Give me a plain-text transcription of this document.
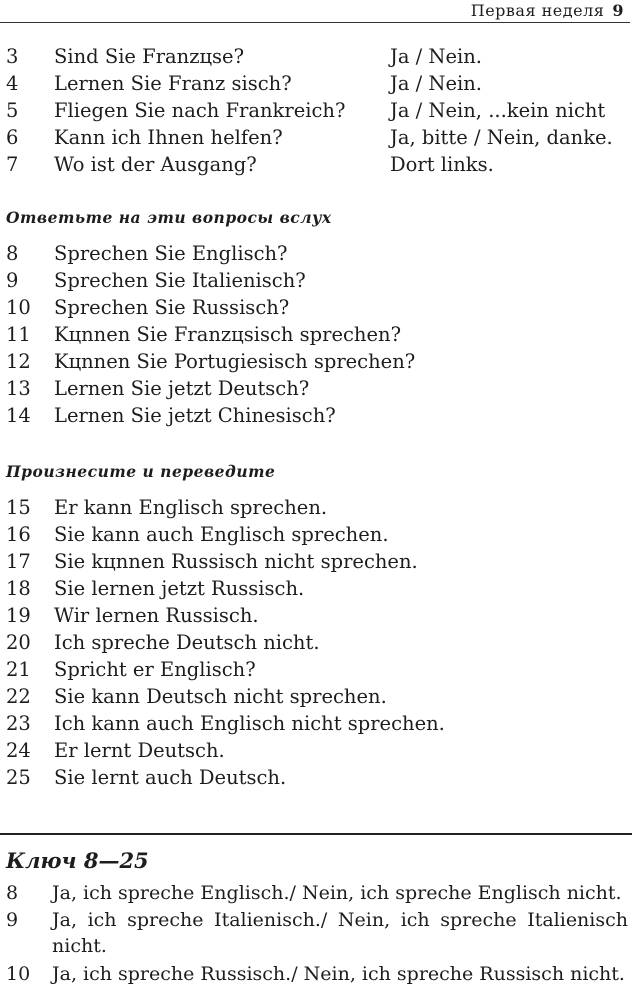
Первая неделя 9
3	Sind Sie Franzцse?	Ja / Nein.
4	Lernen Sie Franz sisch?	Ja / Nein.
5	Fliegen Sie nach Frankreich? Ja / Nein, ...kein nicht
6	Kann ich Ihnen helfen?	Ja, bitte / Nein, danke.
7	Wo ist der Ausgang?	Dort links.
Ответьте на эти вопросы вслух
8	Sprechen Sie Englisch?
9	Sprechen Sie Italienisch?
10	Sprechen Sie Russisch?
11	Kцnnen Sie Franzцsisch sprechen?
12	Kцnnen Sie Portugiesisch sprechen?
13	Lernen Sie jetzt Deutsch?
14	Lernen Sie jetzt Chinesisch?
Произнесите и переведите
15	Er kann Englisch sprechen.
16	Sie kann auch Englisch sprechen.
17	Sie kцnnen Russisch nicht sprechen.
18	Sie lernen jetzt Russisch.
19	Wir lernen Russisch.
20	Ich spreche Deutsch nicht.
21	Spricht er Englisch?
22	Sie kann Deutsch nicht sprechen.
23	Ich kann auch Englisch nicht sprechen.
24	Er lernt Deutsch.
25	Sie lernt auch Deutsch.
Ключ 8—25
8	Ja, ich spreche Englisch./ Nein, ich spreche Englisch nicht.
9	Ja, ich spreche Italienisch./ Nein, ich spreche Italienisch nicht.
10	Ja, ich spreche Russisch./ Nein, ich spreche Russisch nicht.
